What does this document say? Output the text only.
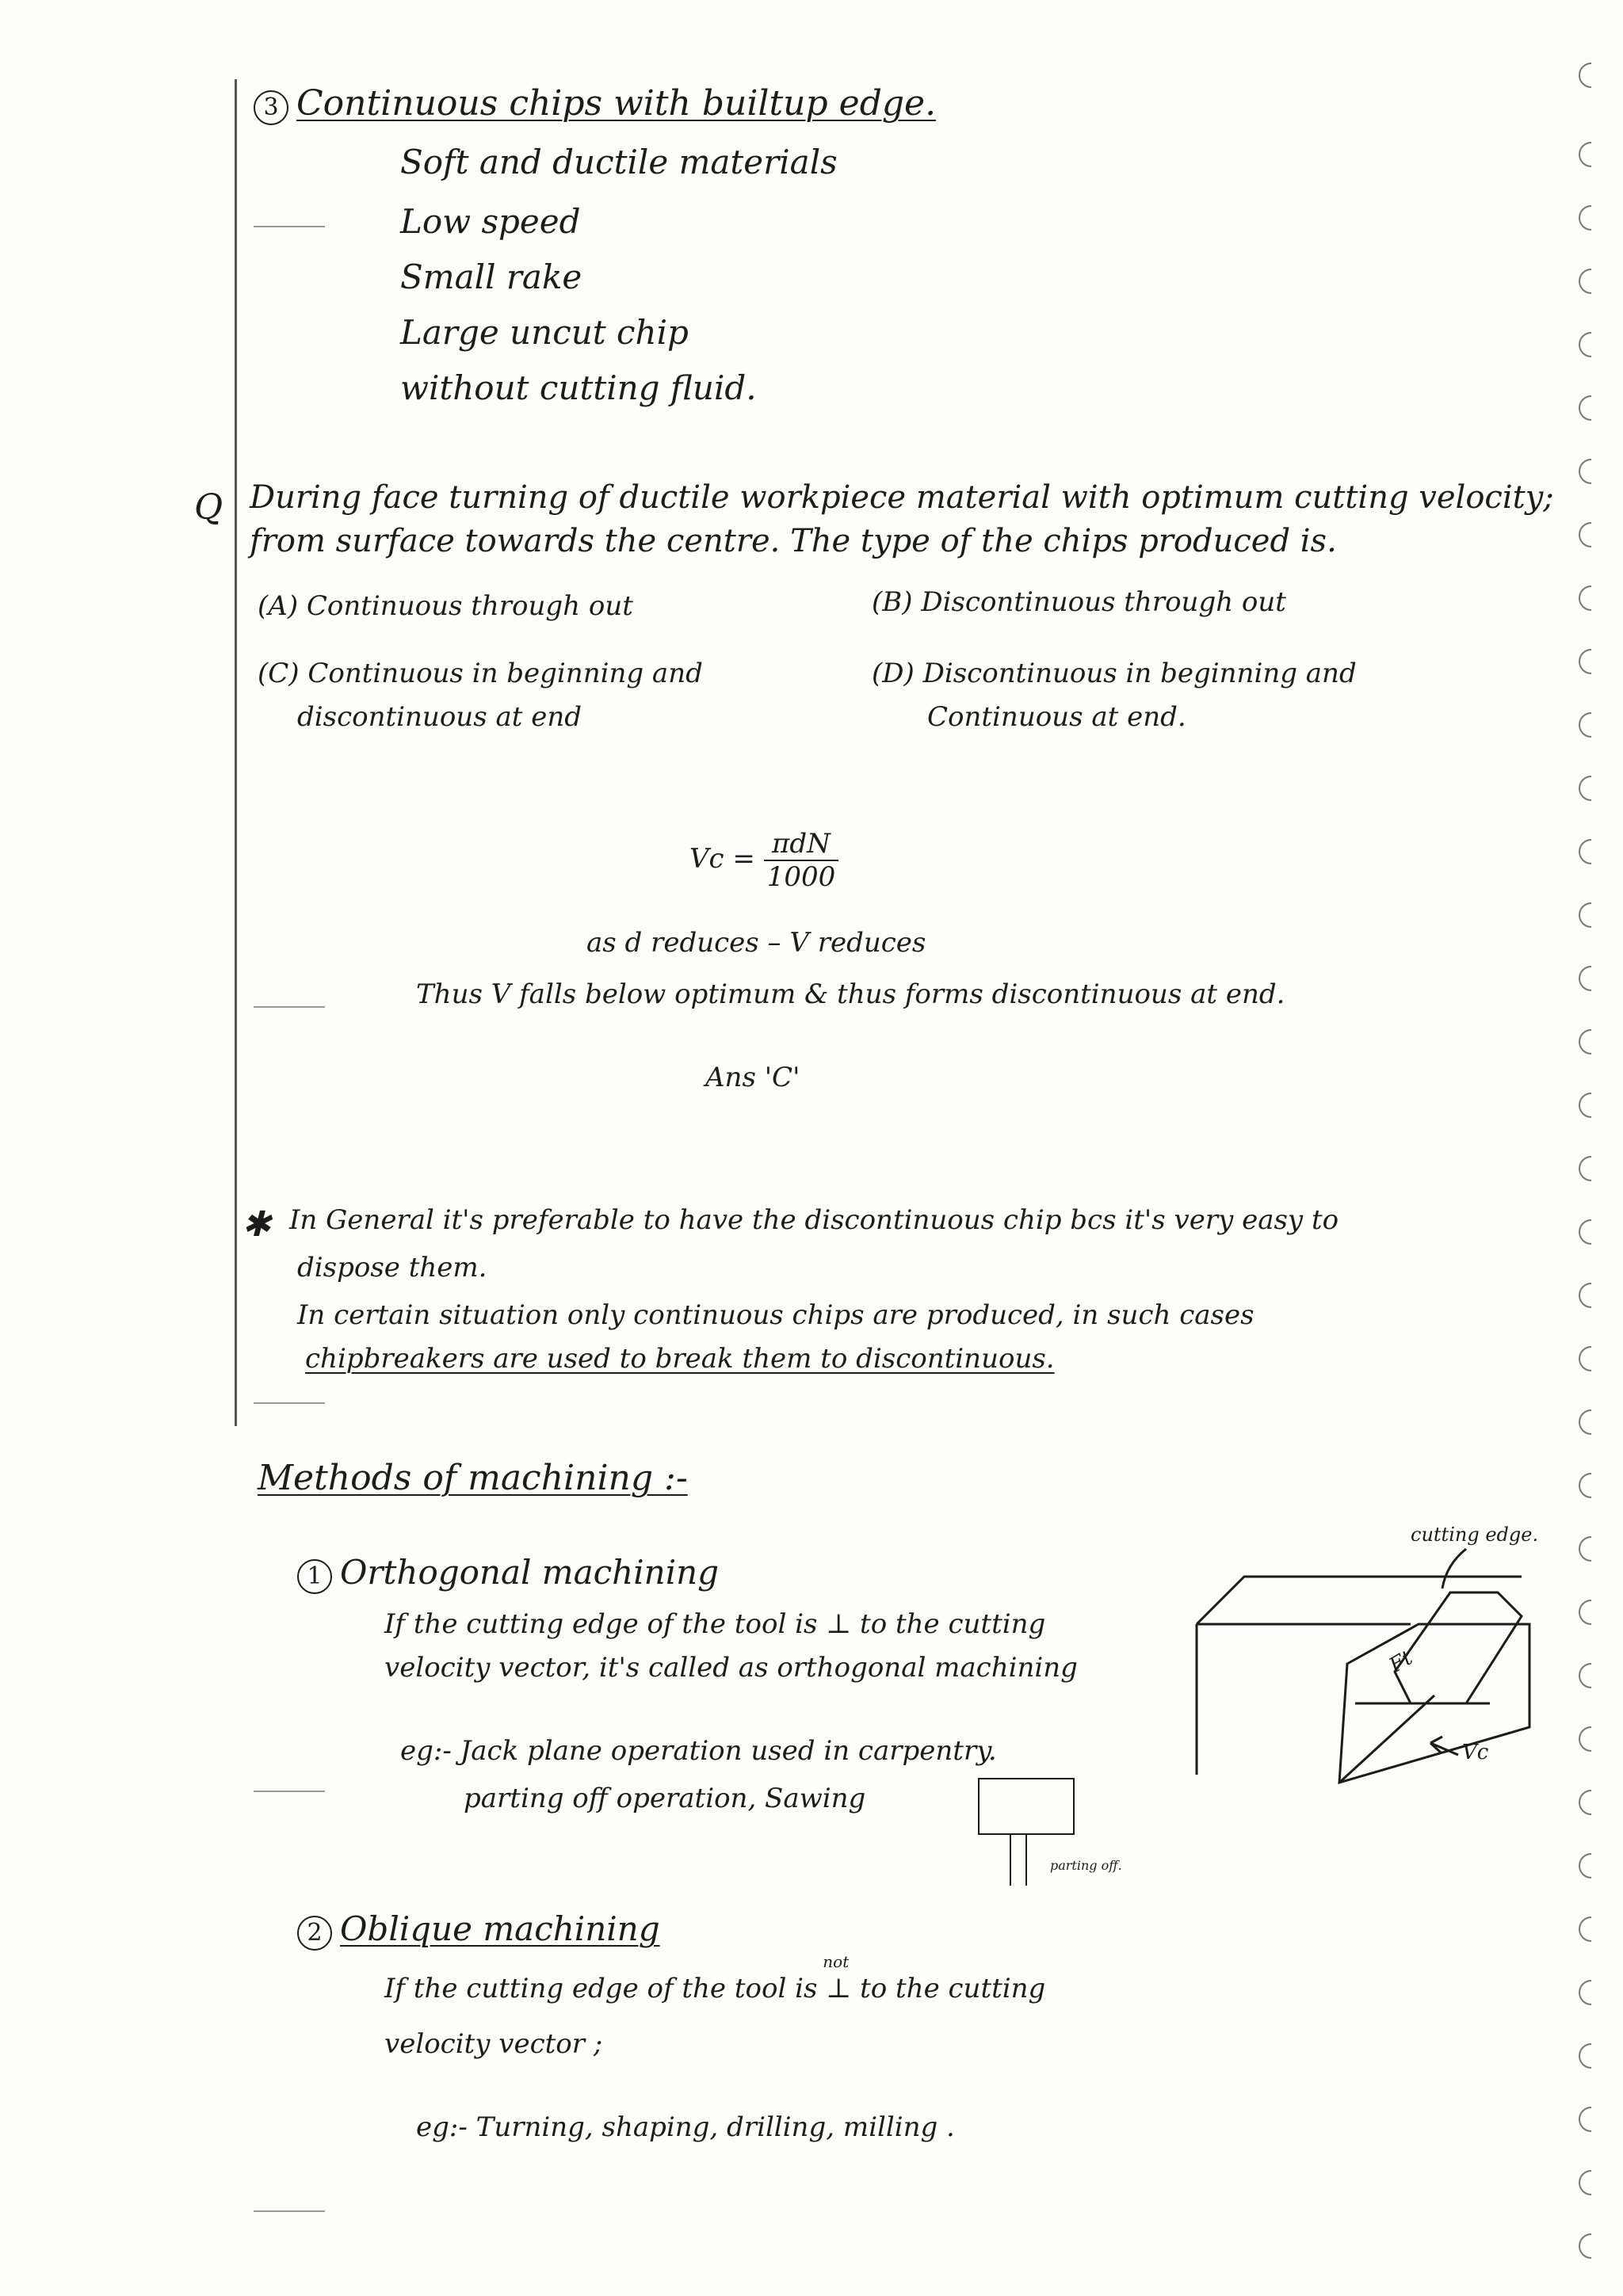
3 Continuous chips with builtup edge.
Soft and ductile materials
Low speed
Small rake
Large uncut chip
without cutting fluid.
Q During face turning of ductile workpiece material with optimum cutting velocity;
from surface towards the centre. The type of the chips produced is.
(A) Continuous through out	(B) Discontinuous through out
(C) Continuous in beginning and
discontinuous at end
(D) Discontinuous in beginning and
Continuous at end.
$Vc = \frac{\text{πdN}}{1000}$
as d reduces – V reduces
Thus V falls below optimum & thus forms discontinuous at end.
Ans 'C'
✱ In General it's preferable to have the discontinuous chip bcs it's very easy to
dispose them.
In certain situation only continuous chips are produced, in such cases
chipbreakers are used to break them to discontinuous.
Methods of machining :-
1 Orthogonal machining
If the cutting edge of the tool is ⊥ to the cutting
velocity vector, it's called as orthogonal machining
eg:- Jack plane operation used in carpentry.
parting off operation, Sawing
cutting edge.
Ft
Vc
parting off.
2 Oblique machining
If the cutting edge of the tool is
not
⊥ to the cutting
velocity vector ;
eg:- Turning, shaping, drilling, milling .
